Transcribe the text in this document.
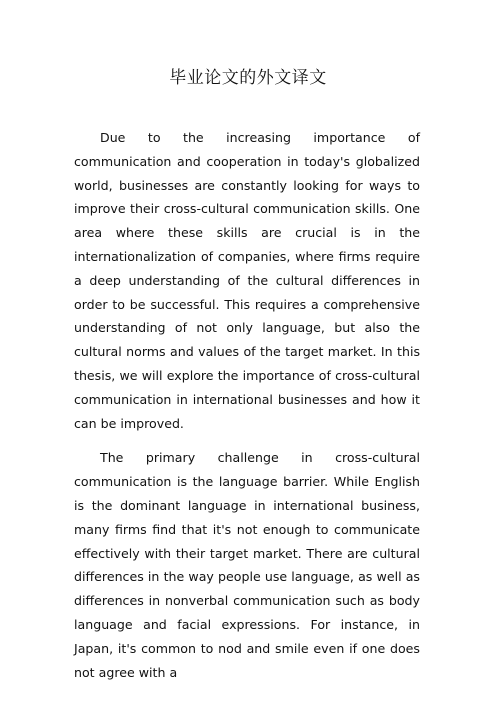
毕业论文的外文译文

Due to the increasing importance of communication and cooperation in today's globalized world, businesses are constantly looking for ways to improve their cross-cultural communication skills. One area where these skills are crucial is in the internationalization of companies, where firms require a deep understanding of the cultural differences in order to be successful. This requires a comprehensive understanding of not only language, but also the cultural norms and values of the target market. In this thesis, we will explore the importance of cross-cultural communication in international businesses and how it can be improved.

The primary challenge in cross-cultural communication is the language barrier. While English is the dominant language in international business, many firms find that it's not enough to communicate effectively with their target market. There are cultural differences in the way people use language, as well as differences in nonverbal communication such as body language and facial expressions. For instance, in Japan, it's common to nod and smile even if one does not agree with a
